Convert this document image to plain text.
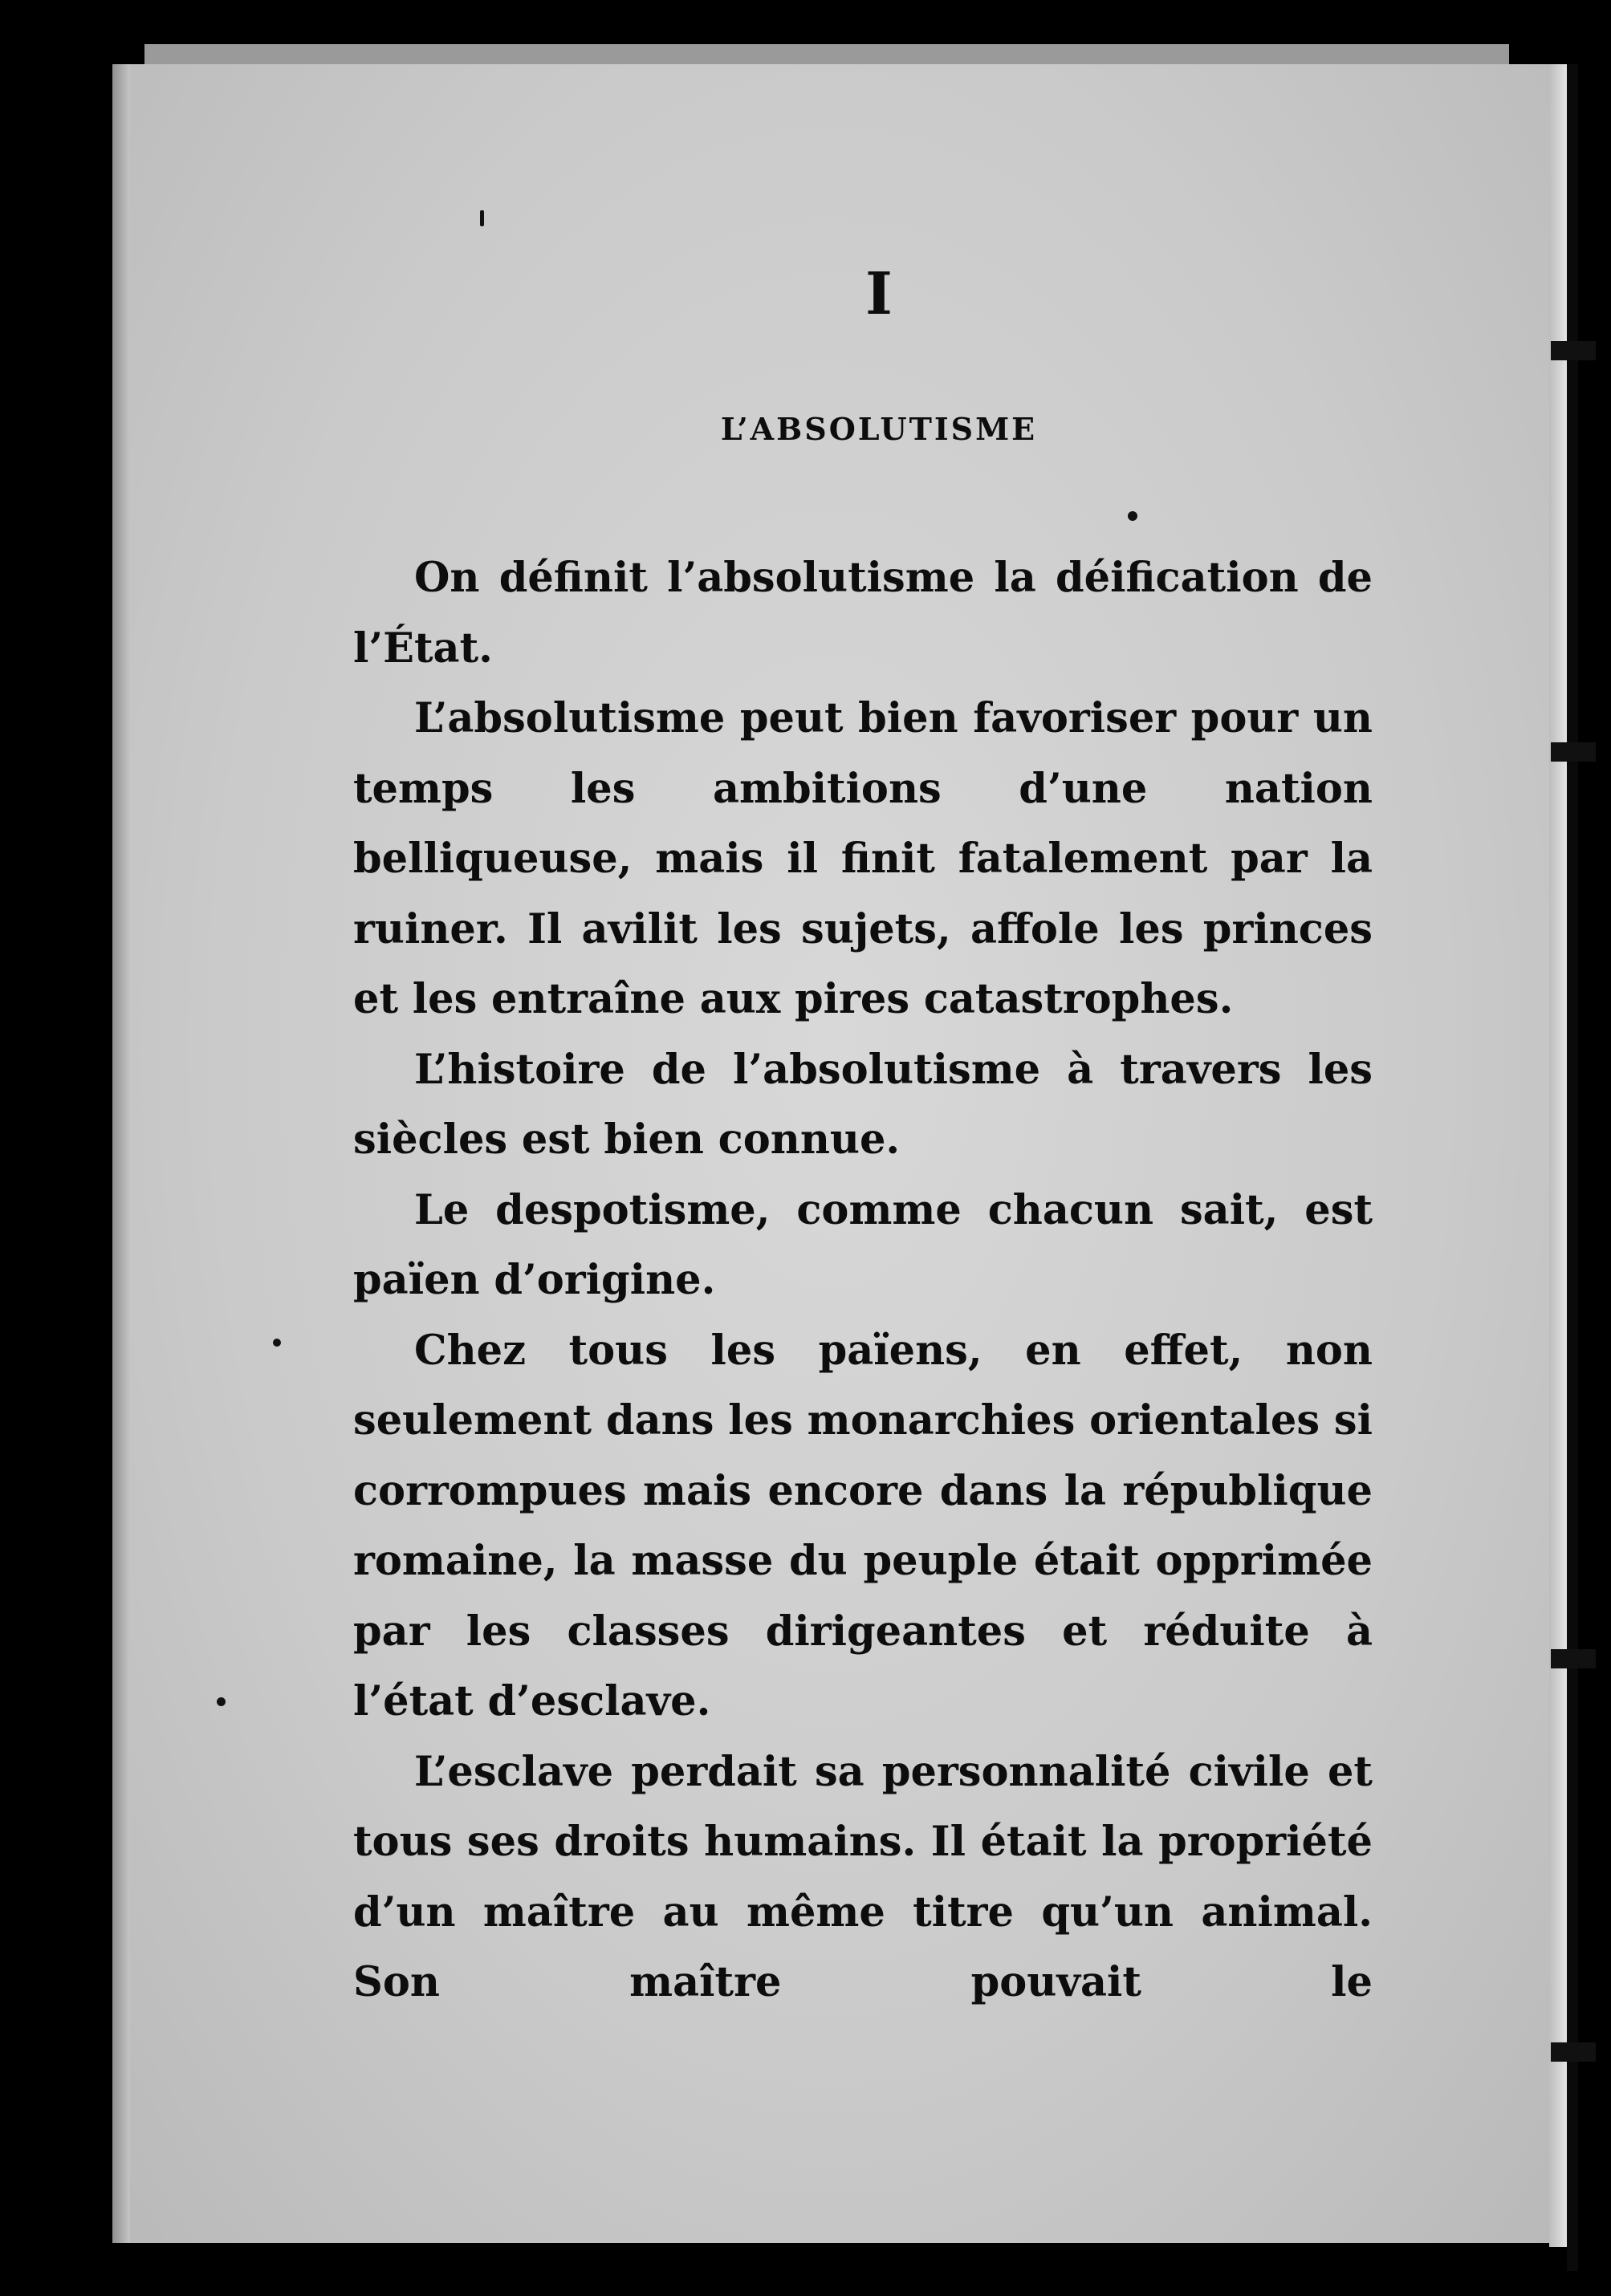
I
L’ABSOLUTISME

On définit l’absolutisme la déification de l’État.

L’absolutisme peut bien favoriser pour un temps les ambitions d’une nation belliqueuse, mais il finit fatalement par la ruiner. Il avilit les sujets, affole les princes et les entraîne aux pires catastrophes.

L’histoire de l’absolutisme à travers les siècles est bien connue.

Le despotisme, comme chacun sait, est païen d’origine.

Chez tous les païens, en effet, non seulement dans les monarchies orientales si corrompues mais encore dans la république romaine, la masse du peuple était opprimée par les classes dirigeantes et réduite à l’état d’esclave.

L’esclave perdait sa personnalité civile et tous ses droits humains. Il était la propriété d’un maître au même titre qu’un animal. Son maître pouvait le
